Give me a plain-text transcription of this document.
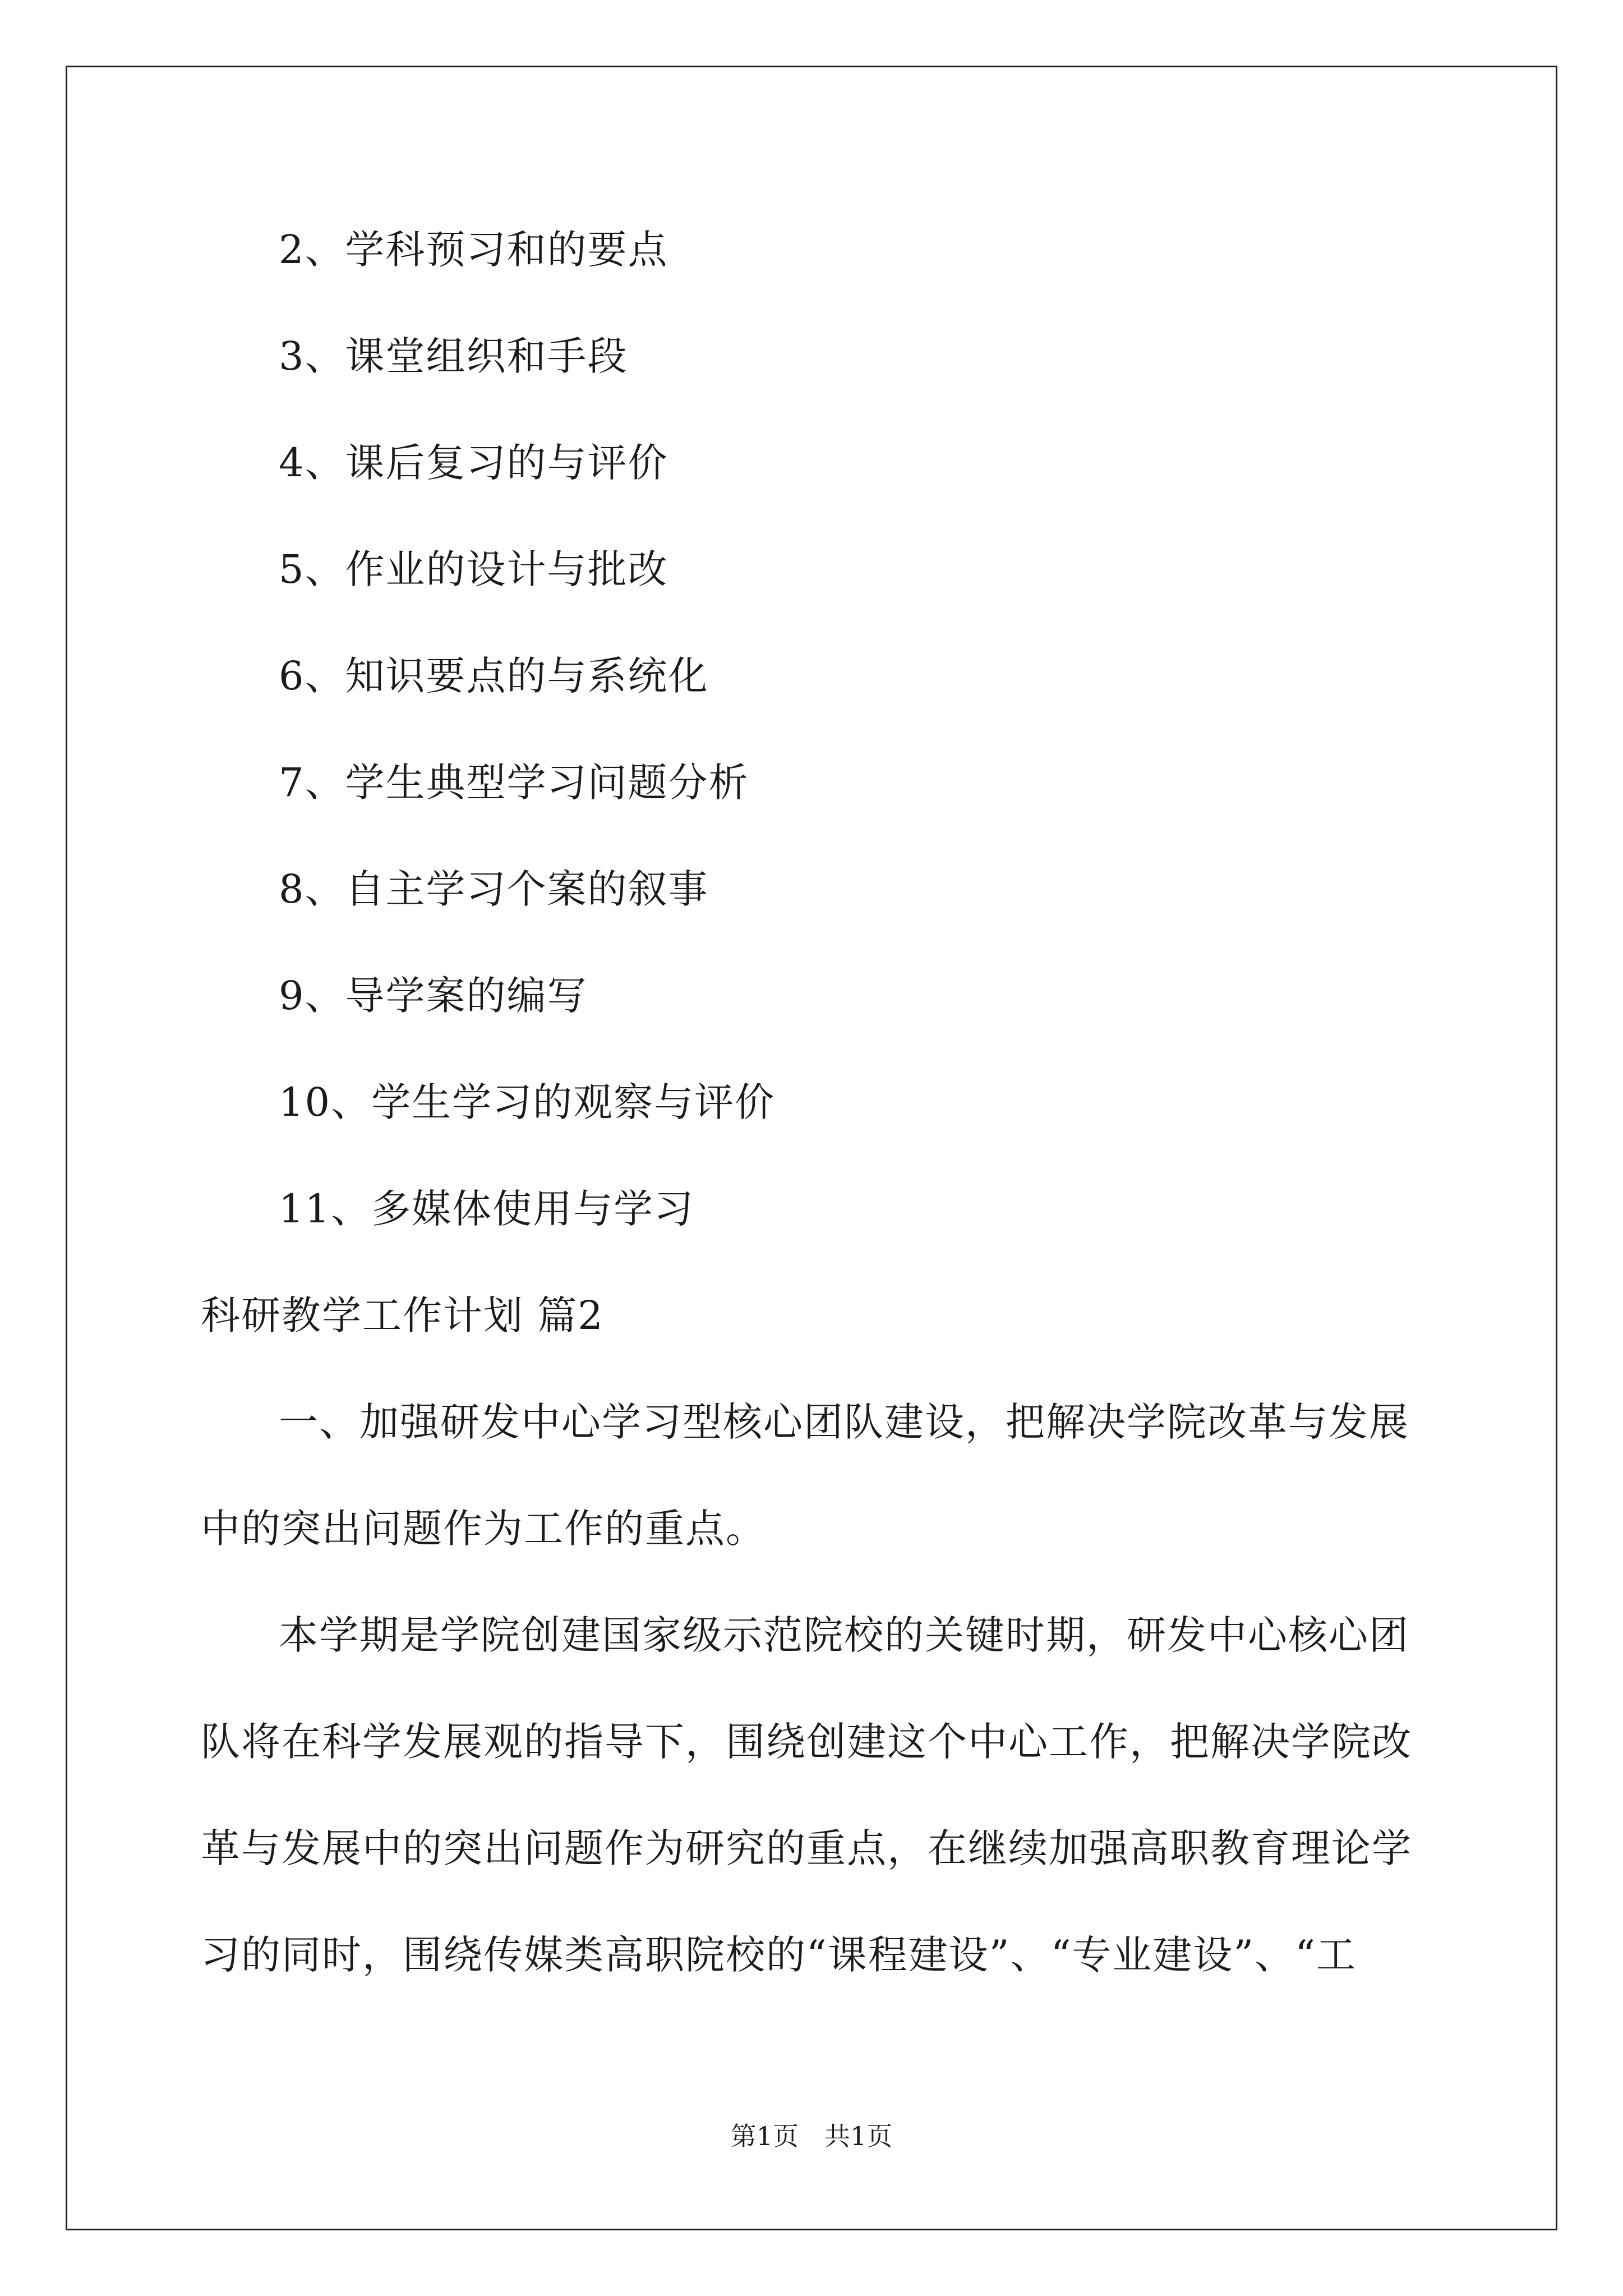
2、学科预习和的要点
3、课堂组织和手段
4、课后复习的与评价
5、作业的设计与批改
6、知识要点的与系统化
7、学生典型学习问题分析
8、自主学习个案的叙事
9、导学案的编写
10、学生学习的观察与评价
11、多媒体使用与学习
科研教学工作计划 篇2
一、加强研发中心学习型核心团队建设，把解决学院改革与发展
中的突出问题作为工作的重点。
本学期是学院创建国家级示范院校的关键时期，研发中心核心团
队将在科学发展观的指导下，围绕创建这个中心工作，把解决学院改
革与发展中的突出问题作为研究的重点，在继续加强高职教育理论学
习的同时，围绕传媒类高职院校的“课程建设”、“专业建设”、“工
第1页　共1页
